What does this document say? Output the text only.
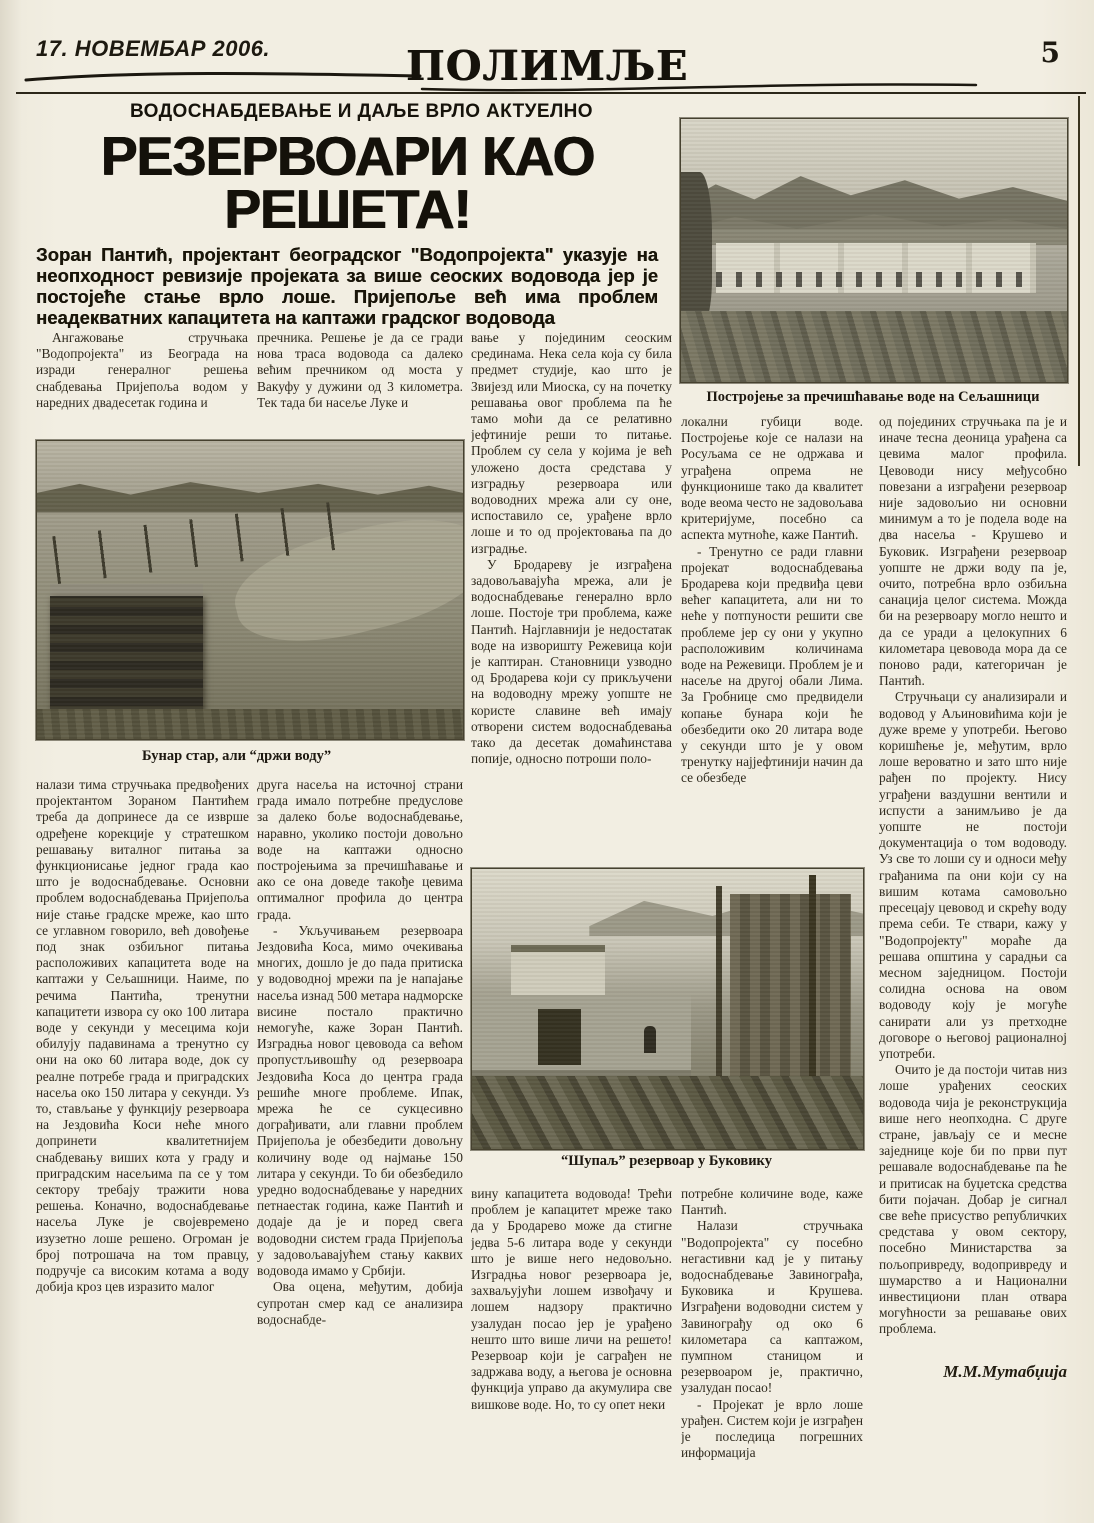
17. НОВЕМБАР 2006.	ПОЛИМЉЕ	5
ВОДОСНАБДЕВАЊЕ И ДАЉЕ ВРЛО АКТУЕЛНО
РЕЗЕРВОАРИ КАО
РЕШЕТА!
Зоран Пантић, пројектант београдског "Водопројекта" указује на неопходност ревизије пројеката за више сеоских водовода јер је постојеће стање врло лоше. Пријепоље већ има проблем неадекватних капацитета на каптажи градског водовода

Ангажовање стручњака "Водопројекта" из Београда на изради генералног решења снабдевања Пријепоља водом у наредних двадесетак година и

пречника. Решење је да се гради нова траса водовода са далеко већим пречником од моста у Вакуфу у дужини од 3 километра. Тек тада би насеље Луке и

вање у појединим сеоским срединама. Нека села која су била предмет студије, као што је Звијезд или Миоска, су на почетку решавања овог проблема па ће тамо моћи да се релативно јефтиније реши то питање. Проблем су села у којима је већ уложено доста средстава у изградњу резервоара или водоводних мрежа али су оне, испоставило се, урађене врло лоше и то од пројектовања па до изградње.

У Бродареву је изграђена задовољавајућа мрежа, али је водоснабдевање генерално врло лоше. Постоје три проблема, каже Пантић. Најглавнији је недостатак воде на изворишту Режевица који је каптиран. Становници узводно од Бродарева који су прикључени на водоводну мрежу уопште не користе славине већ имају отворени систем водоснабдевања тако да десетак домаћинстава попије, односно потроши поло-

локални губици воде. Постројење које се налази на Росуљама се не одржава и уграђена опрема не функционише тако да квалитет воде веома често не задовољава критеријуме, посебно са аспекта мутноће, каже Пантић.

- Тренутно се ради главни пројекат водоснабдевања Бродарева који предвиђа цеви већег капацитета, али ни то неће у потпуности решити све проблеме јер су они у укупно расположивим количинама воде на Режевици. Проблем је и насеље на другој обали Лима. За Гробнице смо предвидели копање бунара који ће обезбедити око 20 литара воде у секунди што је у овом тренутку најјефтинији начин да се обезбеде

од појединих стручњака па је и иначе тесна деоница урађена са цевима малог профила. Цевоводи нису међусобно повезани а изграђени резервоар није задовољио ни основни минимум а то је подела воде на два насеља - Крушево и Буковик. Изграђени резервоар уопште не држи воду па је, очито, потребна врло озбиљна санација целог система. Можда би на резервоару могло нешто и да се уради а целокупних 6 километара цевовода мора да се поново ради, категоричан је Пантић.

Стручњаци су анализирали и водовод у Аљиновићима који је дуже време у употреби. Његово коришћење је, међутим, врло лоше вероватно и зато што није рађен по пројекту. Нису уграђени ваздушни вентили и испусти а занимљиво је да уопште не постоји документација о том водоводу. Уз све то лоши су и односи међу грађанима па они који су на вишим котама самовољно пресецају цевовод и скрећу воду према себи. Те ствари, кажу у "Водопројекту" мораће да решава општина у сарадњи са месном заједницом. Постоји солидна основа на овом водоводу коју је могуће санирати али уз претходне договоре о његовој рационалној употреби.

Очито је да постоји читав низ лоше урађених сеоских водовода чија је реконструкција више него неопходна. С друге стране, јављају се и месне заједнице које би по први пут решавале водоснабдевање па ће и притисак на буџетска средства бити појачан. Добар је сигнал све веће присуство републичких средстава у овом сектору, посебно Министарства за пољопривреду, водопривреду и шумарство а и Национални инвестициони план отвара могућности за решавање ових проблема.

М.М.Мутабџија

налази тима стручњака предвођених пројектантом Зораном Пантићем треба да допринесе да се изврше одређене корекције у стратешком решавању виталног питања за функционисање једног града као што је водоснабдевање. Основни проблем водоснабдевања Пријепоља није стање градске мреже, као што се углавном говорило, већ довођење под знак озбиљног питања расположивих капацитета воде на каптажи у Сељашници. Наиме, по речима Пантића, тренутни капацитети извора су око 100 литара воде у секунди у месецима који обилују падавинама а тренутно су они на око 60 литара воде, док су реалне потребе града и приградских насеља око 150 литара у секунди. Уз то, стављање у функцију резервоара на Јездовића Коси неће много допринети квалитетнијем снабдевању виших кота у граду и приградским насељима па се у том сектору требају тражити нова решења. Коначно, водоснабдевање насеља Луке је својевремено изузетно лоше решено. Огроман је број потрошача на том правцу, подручје са високим котама а воду добија кроз цев изразито малог

друга насеља на источној страни града имало потребне предуслове за далеко боље водоснабдевање, наравно, уколико постоји довољно воде на каптажи односно постројењима за пречишћавање и ако се она доведе такође цевима оптималног профила до центра града.

- Укључивањем резервоара Јездовића Коса, мимо очекивања многих, дошло је до пада притиска у водоводној мрежи па је напајање насеља изнад 500 метара надморске висине постало практично немогуће, каже Зоран Пантић. Изградња новог цевовода са већом пропустљивошћу од резервоара Јездовића Коса до центра града решиће многе проблеме. Ипак, мрежа ће се сукцесивно дограђивати, али главни проблем Пријепоља је обезбедити довољну количину воде од најмање 150 литара у секунди. То би обезбедило уредно водоснабдевање у наредних петнаестак година, каже Пантић и додаје да је и поред свега водоводни систем града Пријепоља у задовољавајућем стању каквих водовода имамо у Србији.

Ова оцена, међутим, добија супротан смер кад се анализира водоснабде-

вину капацитета водовода! Трећи проблем је капацитет мреже тако да у Бродарево може да стигне једва 5-6 литара воде у секунди што је више него недовољно. Изградња новог резервоара је, захваљујући лошем извођачу и лошем надзору практично узалудан посао јер је урађено нешто што више личи на решето! Резервоар који је саграђен не задржава воду, а његова је основна функција управо да акумулира све вишкове воде. Но, то су опет неки

потребне количине воде, каже Пантић.

Налази стручњака "Водопројекта" су посебно негастивни кад је у питању водоснабдевање Завинограђа, Буковика и Крушева. Изграђени водоводни систем у Завинограђу од око 6 километара са каптажом, пумпном станицом и резервоаром је, практично, узалудан посао!

- Пројекат је врло лоше урађен. Систем који је изграђен је последица погрешних информација

Постројење за пречишћавање воде на Сељашници
Бунар стар, али “држи воду”
“Шупаљ” резервоар у Буковику
